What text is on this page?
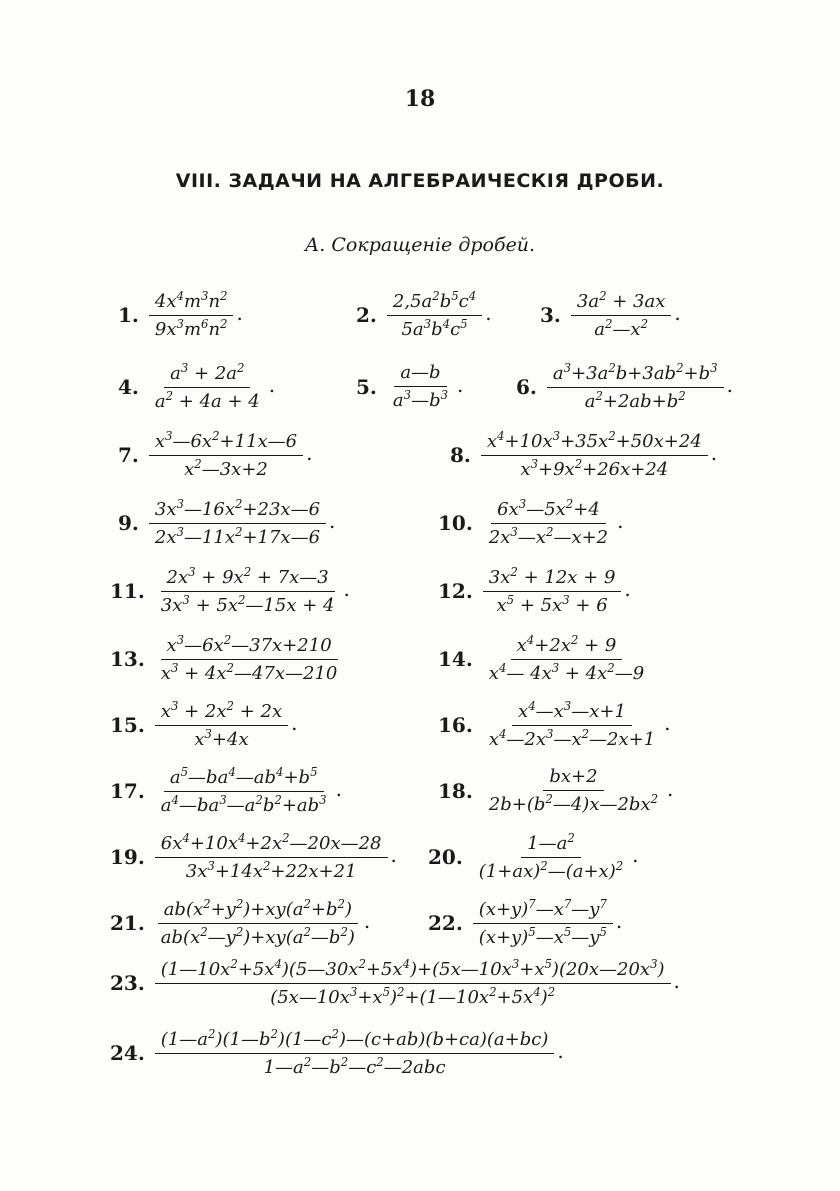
18
VIII. ЗАДАЧИ НА АЛГЕБРАИЧЕСКІЯ ДРОБИ.
А. Сокращеніе дробей.
1. $\frac{4x^4m^3n^2}{9x^3m^6n^2}$ .	2. $\frac{2,5a^2b^5c^4}{5a^3b^4c^5}$ . 3. $\frac{3a^2 + 3ax}{a^2—x^2}$ .
4. $\frac{a^3 + 2a^2}{a^2 + 4a + 4}$ .	5. $\frac{a—b}{a^3—b^3}$ .	6. $\frac{a^3+3a^2b+3ab^2+b^3}{a^2+2ab+b^2}$ .
7. $\frac{x^3—6x^2+11x—6}{x^2—3x+2}$ .	8. $\frac{x^4+10x^3+35x^2+50x+24}{x^3+9x^2+26x+24}$ .
9. $\frac{3x^3—16x^2+23x—6}{2x^3—11x^2+17x—6}$ .	10. $\frac{6x^3—5x^2+4}{2x^3—x^2—x+2}$ .
11. $\frac{2x^3 + 9x^2 + 7x—3}{3x^3 + 5x^2—15x + 4}$ .	12. $\frac{3x^2 + 12x + 9}{x^5 + 5x^3 + 6}$ .
13. $\frac{x^3—6x^2—37x+210}{x^3 + 4x^2—47x—210}$	14. $\frac{x^4+2x^2 + 9}{x^4— 4x^3 + 4x^2—9}$
15. $\frac{x^3 + 2x^2 + 2x}{x^3+4x}$ .	16. $\frac{x^4—x^3—x+1}{x^4—2x^3—x^2—2x+1}$ .
17. $\frac{a^5—ba^4—ab^4+b^5}{a^4—ba^3—a^2b^2+ab^3}$ .	18. $\frac{bx+2}{2b+(b^2—4)x—2bx^2}$ .
19. $\frac{6x^4+10x^4+2x^2—20x—28}{3x^3+14x^2+22x+21}$ . 20. $\frac{1—a^2}{(1+ax)^2—(a+x)^2}$ .
21. $\frac{ab(x^2+y^2)+xy(a^2+b^2)}{ab(x^2—y^2)+xy(a^2—b^2)}$ .	22. $\frac{(x+y)^7—x^7—y^7}{(x+y)^5—x^5—y^5}$ .
23. $\frac{(1—10x^2+5x^4)(5—30x^2+5x^4)+(5x—10x^3+x^5)(20x—20x^3)}{(5x—10x^3+x^5)^2+(1—10x^2+5x^4)^2}$ .
24. $\frac{(1—a^2)(1—b^2)(1—c^2)—(c+ab)(b+ca)(a+bc)}{1—a^2—b^2—c^2—2abc}$ .
